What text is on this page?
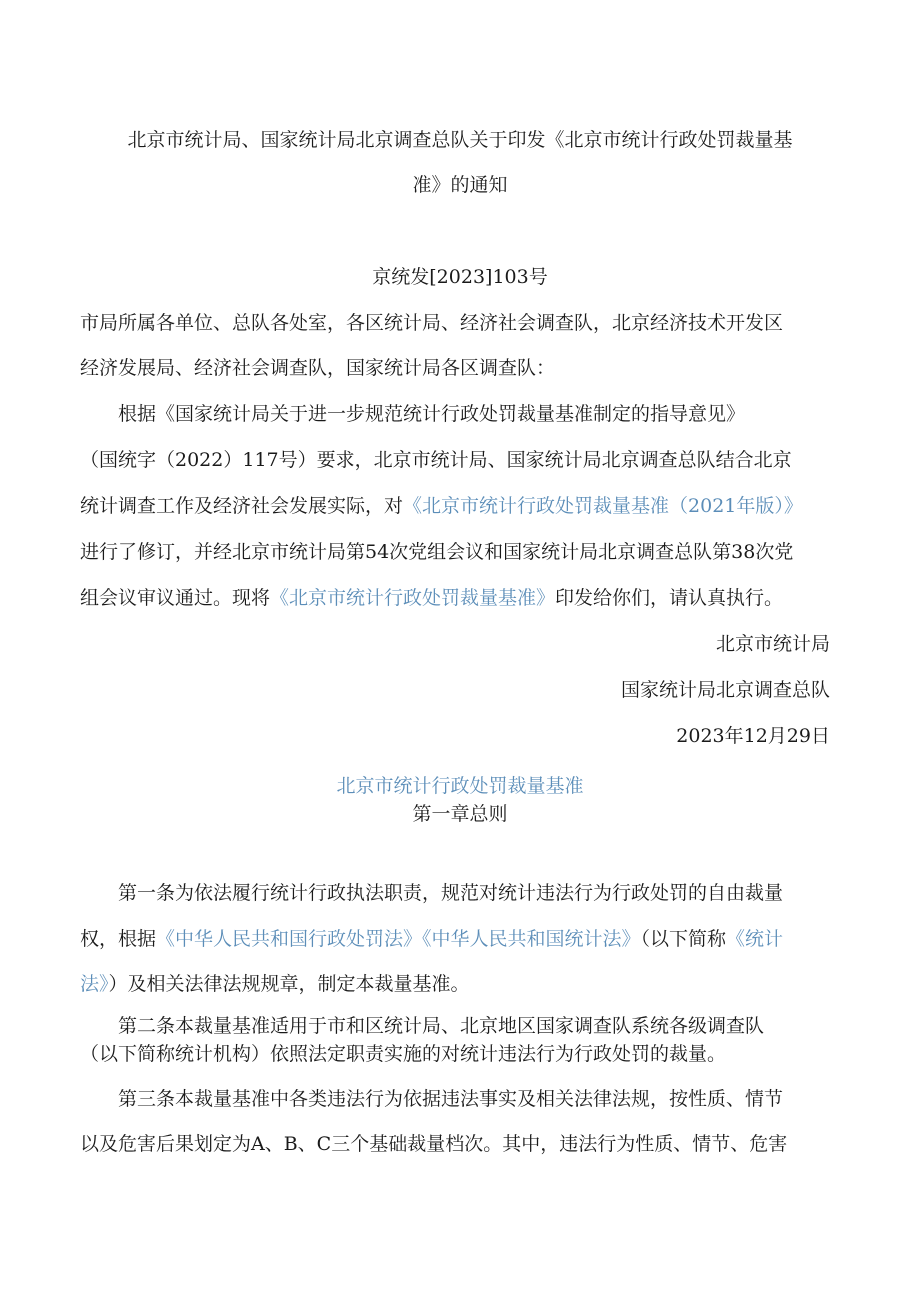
北京市统计局、国家统计局北京调查总队关于印发《北京市统计行政处罚裁量基
准》的通知
京统发[2023]103号
市局所属各单位、总队各处室，各区统计局、经济社会调查队，北京经济技术开发区
经济发展局、经济社会调查队，国家统计局各区调查队：
根据《国家统计局关于进一步规范统计行政处罚裁量基准制定的指导意见》
（国统字（2022）117号）要求，北京市统计局、国家统计局北京调查总队结合北京
统计调查工作及经济社会发展实际，对《北京市统计行政处罚裁量基准（2021年版）》
进行了修订，并经北京市统计局第54次党组会议和国家统计局北京调查总队第38次党
组会议审议通过。现将《北京市统计行政处罚裁量基准》印发给你们，请认真执行。
北京市统计局
国家统计局北京调查总队
2023年12月29日
北京市统计行政处罚裁量基准
第一章总则
第一条为依法履行统计行政执法职责，规范对统计违法行为行政处罚的自由裁量
权，根据《中华人民共和国行政处罚法》《中华人民共和国统计法》（以下简称《统计
法》）及相关法律法规规章，制定本裁量基准。
第二条本裁量基准适用于市和区统计局、北京地区国家调查队系统各级调查队
（以下简称统计机构）依照法定职责实施的对统计违法行为行政处罚的裁量。
第三条本裁量基准中各类违法行为依据违法事实及相关法律法规，按性质、情节
以及危害后果划定为A、B、C三个基础裁量档次。其中，违法行为性质、情节、危害
